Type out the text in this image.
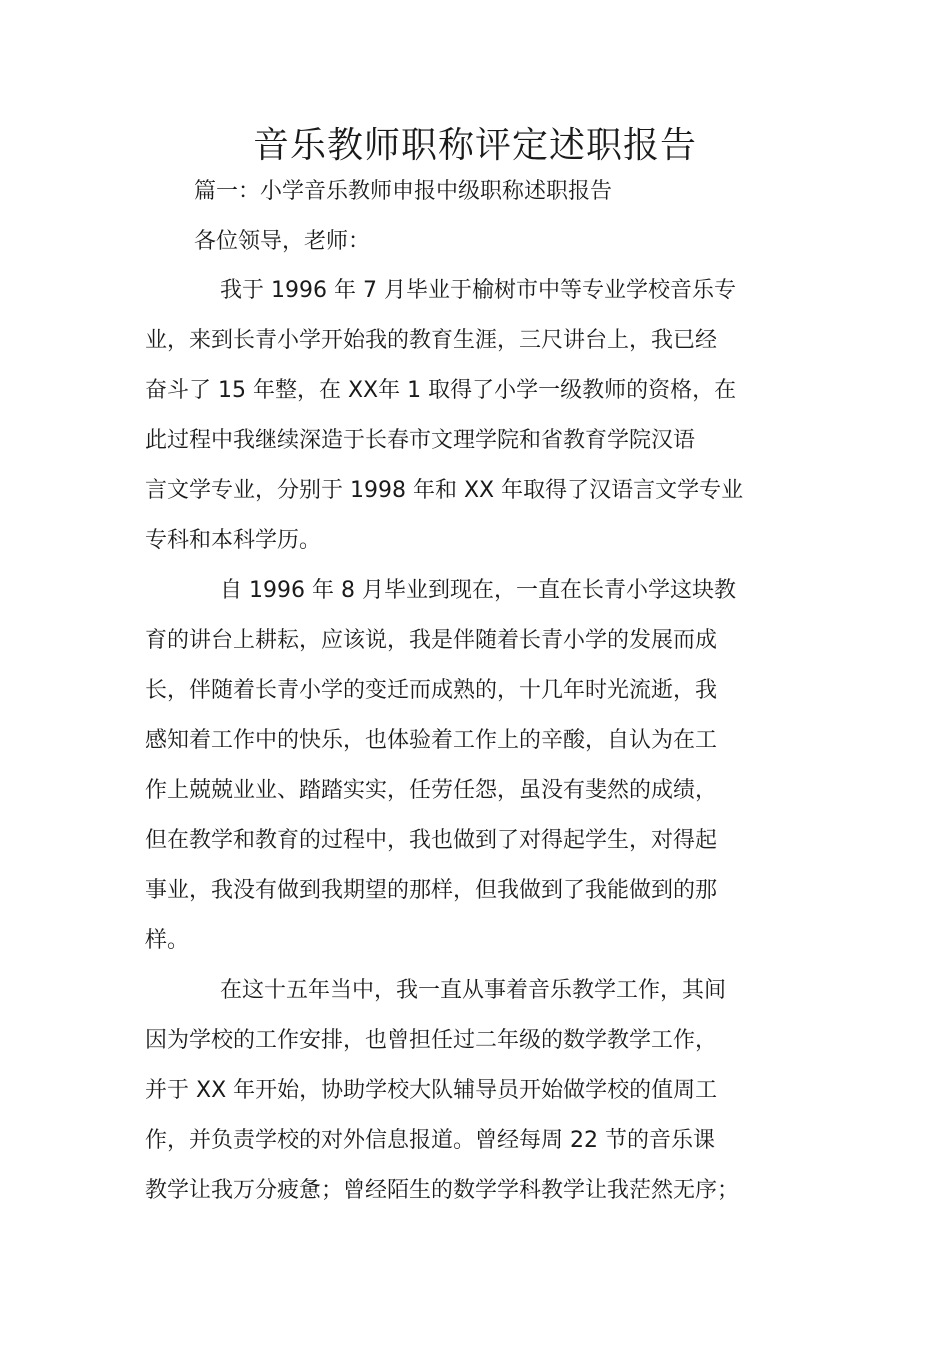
音乐教师职称评定述职报告
篇一：小学音乐教师申报中级职称述职报告
各位领导，老师：
我于 1996 年 7 月毕业于榆树市中等专业学校音乐专
业，来到长青小学开始我的教育生涯，三尺讲台上，我已经
奋斗了 15 年整，在 XX年 1 取得了小学一级教师的资格，在
此过程中我继续深造于长春市文理学院和省教育学院汉语
言文学专业，分别于 1998 年和 XX 年取得了汉语言文学专业
专科和本科学历。
自 1996 年 8 月毕业到现在，一直在长青小学这块教
育的讲台上耕耘，应该说，我是伴随着长青小学的发展而成
长，伴随着长青小学的变迁而成熟的，十几年时光流逝，我
感知着工作中的快乐，也体验着工作上的辛酸，自认为在工
作上兢兢业业、踏踏实实，任劳任怨，虽没有斐然的成绩，
但在教学和教育的过程中，我也做到了对得起学生，对得起
事业，我没有做到我期望的那样，但我做到了我能做到的那
样。
在这十五年当中，我一直从事着音乐教学工作，其间
因为学校的工作安排，也曾担任过二年级的数学教学工作，
并于 XX 年开始，协助学校大队辅导员开始做学校的值周工
作，并负责学校的对外信息报道。曾经每周 22 节的音乐课
教学让我万分疲惫；曾经陌生的数学学科教学让我茫然无序；
